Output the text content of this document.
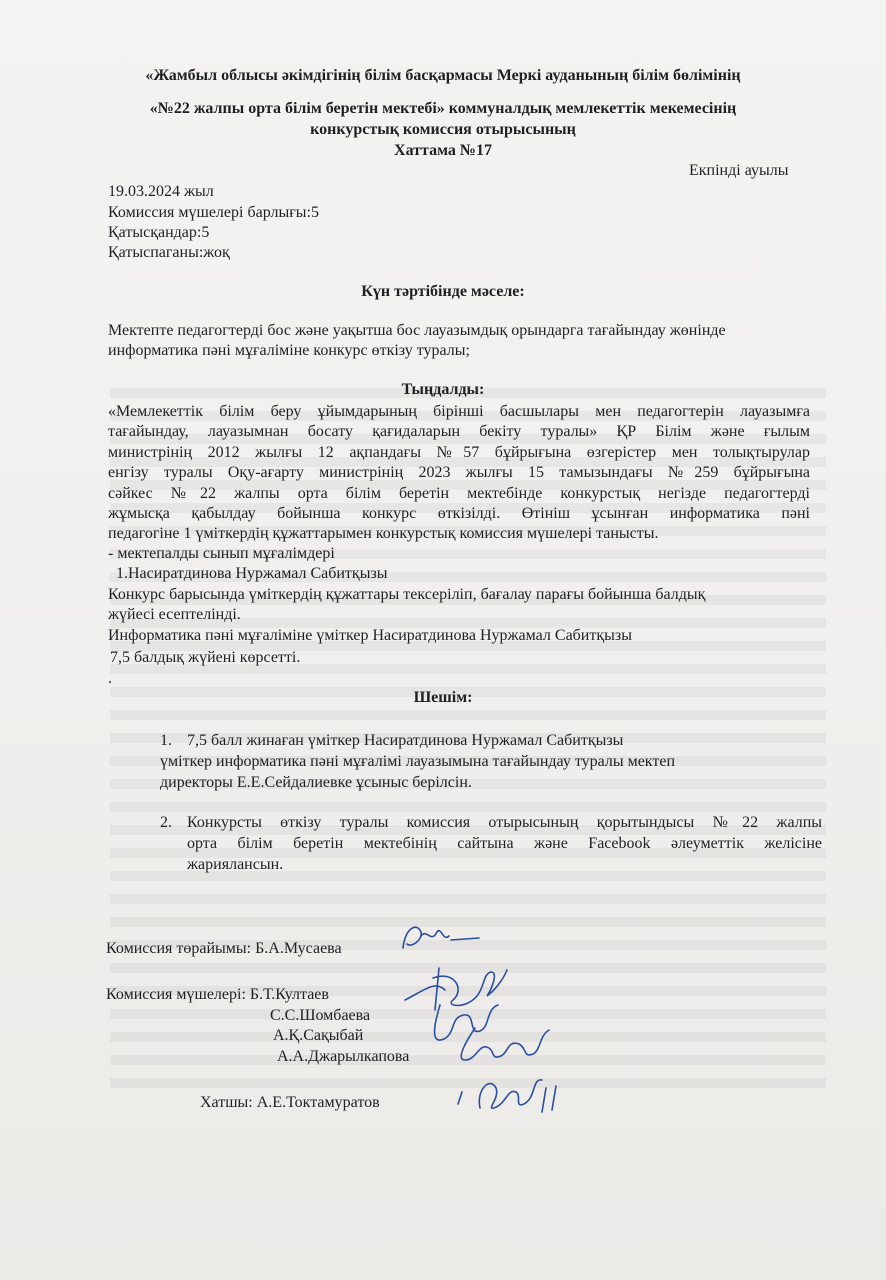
«Жамбыл облысы әкімдігінің білім басқармасы Меркі ауданының білім бөлімінің
«№22 жалпы орта білім беретін мектебі» коммуналдық мемлекеттік мекемесінің
конкурстық комиссия отырысының
Хаттама №17
Екпінді ауылы
19.03.2024 жыл
Комиссия мүшелері барлығы:5
Қатысқандар:5
Қатыспаганы:жоқ
Күн тәртібінде мәселе:
Мектепте педагогтерді бос және уақытша бос лауазымдық орындарга тағайындау жөнінде
информатика пәні мұғаліміне конкурс өткізу туралы;
Тыңдалды:
«Мемлекеттік білім беру ұйымдарының бірінші басшылары мен педагогтерін лауазымға
тағайындау, лауазымнан босату қағидаларын бекіту туралы» ҚР Білім және ғылым
министрінің 2012 жылғы 12 ақпандағы №57 бұйрығына өзгерістер мен толықтырулар
енгізу туралы Оқу-ағарту министрінің 2023 жылғы 15 тамызындағы №259 бұйрығына
сәйкес №22 жалпы орта білім беретін мектебінде конкурстық негізде педагогтерді
жұмысқа қабылдау бойынша конкурс өткізілді. Өтініш ұсынған информатика пәні
педагогіне 1 үміткердің құжаттарымен конкурстық комиссия мүшелері танысты.
- мектепалды сынып мұғалімдері
1.Насиратдинова Нуржамал Сабитқызы
Конкурс барысында үміткердің құжаттары тексеріліп, бағалау парағы бойынша балдық
жүйесі есептелінді.
Информатика пәні мұғаліміне үміткер Насиратдинова Нуржамал Сабитқызы
7,5 балдық жүйені көрсетті.
.
Шешім:
1. 7,5 балл жинаған үміткер Насиратдинова Нуржамал Сабитқызы
үміткер информатика пәні мұғалімі лауазымына тағайындау туралы мектеп
директоры Е.Е.Сейдалиевке ұсыныс берілсін.
2. Конкурсты өткізу туралы комиссия отырысының қорытындысы №22 жалпы
орта білім беретін мектебінің сайтына және Facebook әлеуметтік желісіне
жариялансын.
Комиссия төрайымы: Б.А.Мусаева
Комиссия мүшелері: Б.Т.Култаев
С.С.Шомбаева
А.Қ.Сақыбай
А.А.Джарылкапова
Хатшы: А.Е.Токтамуратов
